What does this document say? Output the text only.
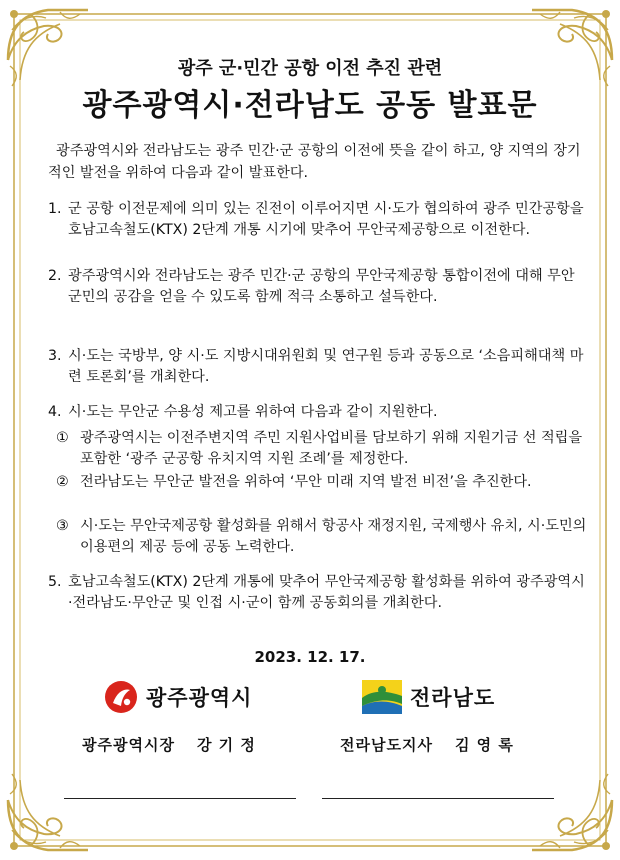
광주 군·민간 공항 이전 추진 관련
광주광역시·전라남도 공동 발표문
광주광역시와 전라남도는 광주 민간·군 공항의 이전에 뜻을 같이 하고, 양 지역의 장기적인 발전을 위하여 다음과 같이 발표한다.
1. 군 공항 이전문제에 의미 있는 진전이 이루어지면 시·도가 협의하여 광주 민간공항을 호남고속철도(KTX) 2단계 개통 시기에 맞추어 무안국제공항으로 이전한다.
2. 광주광역시와 전라남도는 광주 민간·군 공항의 무안국제공항 통합이전에 대해 무안군민의 공감을 얻을 수 있도록 함께 적극 소통하고 설득한다.
3. 시·도는 국방부, 양 시·도 지방시대위원회 및 연구원 등과 공동으로 ‘소음피해대책 마련 토론회’를 개최한다.
4. 시·도는 무안군 수용성 제고를 위하여 다음과 같이 지원한다.
① 광주광역시는 이전주변지역 주민 지원사업비를 담보하기 위해 지원기금 선 적립을 포함한 ‘광주 군공항 유치지역 지원 조례’를 제정한다.
② 전라남도는 무안군 발전을 위하여 ‘무안 미래 지역 발전 비전’을 추진한다.
③ 시·도는 무안국제공항 활성화를 위해서 항공사 재정지원, 국제행사 유치, 시·도민의 이용편의 제공 등에 공동 노력한다.
5. 호남고속철도(KTX) 2단계 개통에 맞추어 무안국제공항 활성화를 위하여 광주광역시·전라남도·무안군 및 인접 시·군이 함께 공동회의를 개최한다.
2023. 12. 17.
광주광역시
광주광역시장 강 기 정
전라남도
전라남도지사 김 영 록
